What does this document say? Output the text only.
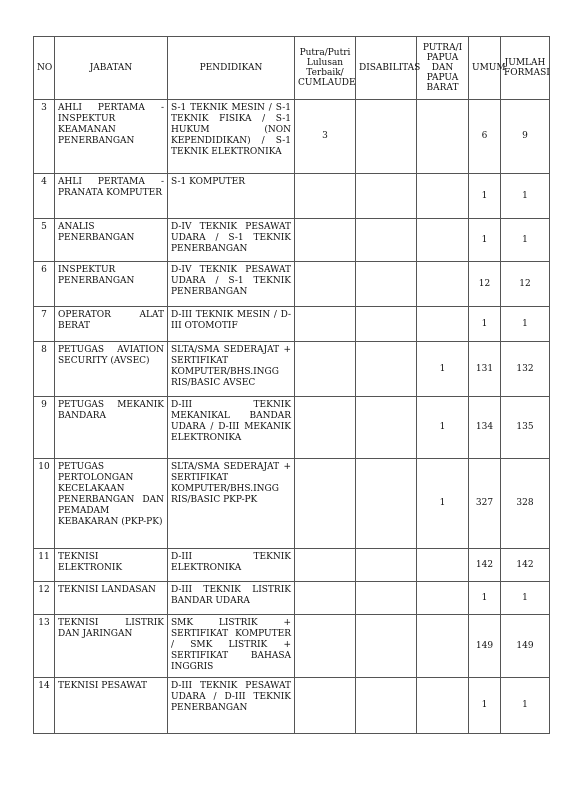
NO	JABATAN	PENDIDIKAN	Putra/Putri Lulusan Terbaik/ CUMLAUDE	DISABILITAS	PUTRA/I PAPUA DAN PAPUA BARAT	UMUM	JUMLAH FORMASI
3	AHLI PERTAMA - INSPEKTUR KEAMANAN PENERBANGAN	S-1 TEKNIK MESIN / S-1 TEKNIK FISIKA / S-1 HUKUM (NON KEPENDIDIKAN) / S-1 TEKNIK ELEKTRONIKA	3			6	9
4	AHLI PERTAMA - PRANATA KOMPUTER	S-1 KOMPUTER				1	1
5	ANALIS PENERBANGAN	D-IV TEKNIK PESAWAT UDARA / S-1 TEKNIK PENERBANGAN				1	1
6	INSPEKTUR PENERBANGAN	D-IV TEKNIK PESAWAT UDARA / S-1 TEKNIK PENERBANGAN				12	12
7	OPERATOR ALAT BERAT	D-III TEKNIK MESIN / D-III OTOMOTIF				1	1
8	PETUGAS AVIATION SECURITY (AVSEC)	SLTA/SMA SEDERAJAT + SERTIFIKAT KOMPUTER/BHS.INGG RIS/BASIC AVSEC			1	131	132
9	PETUGAS MEKANIK BANDARA	D-III TEKNIK MEKANIKAL BANDAR UDARA / D-III MEKANIK ELEKTRONIKA			1	134	135
10	PETUGAS PERTOLONGAN KECELAKAAN PENERBANGAN DAN PEMADAM KEBAKARAN (PKP-PK)	SLTA/SMA SEDERAJAT + SERTIFIKAT KOMPUTER/BHS.INGG RIS/BASIC PKP-PK			1	327	328
11	TEKNISI ELEKTRONIK	D-III TEKNIK ELEKTRONIKA				142	142
12	TEKNISI LANDASAN	D-III TEKNIK LISTRIK BANDAR UDARA				1	1
13	TEKNISI LISTRIK DAN JARINGAN	SMK LISTRIK + SERTIFIKAT KOMPUTER / SMK LISTRIK + SERTIFIKAT BAHASA INGGRIS				149	149
14	TEKNISI PESAWAT	D-III TEKNIK PESAWAT UDARA / D-III TEKNIK PENERBANGAN				1	1
